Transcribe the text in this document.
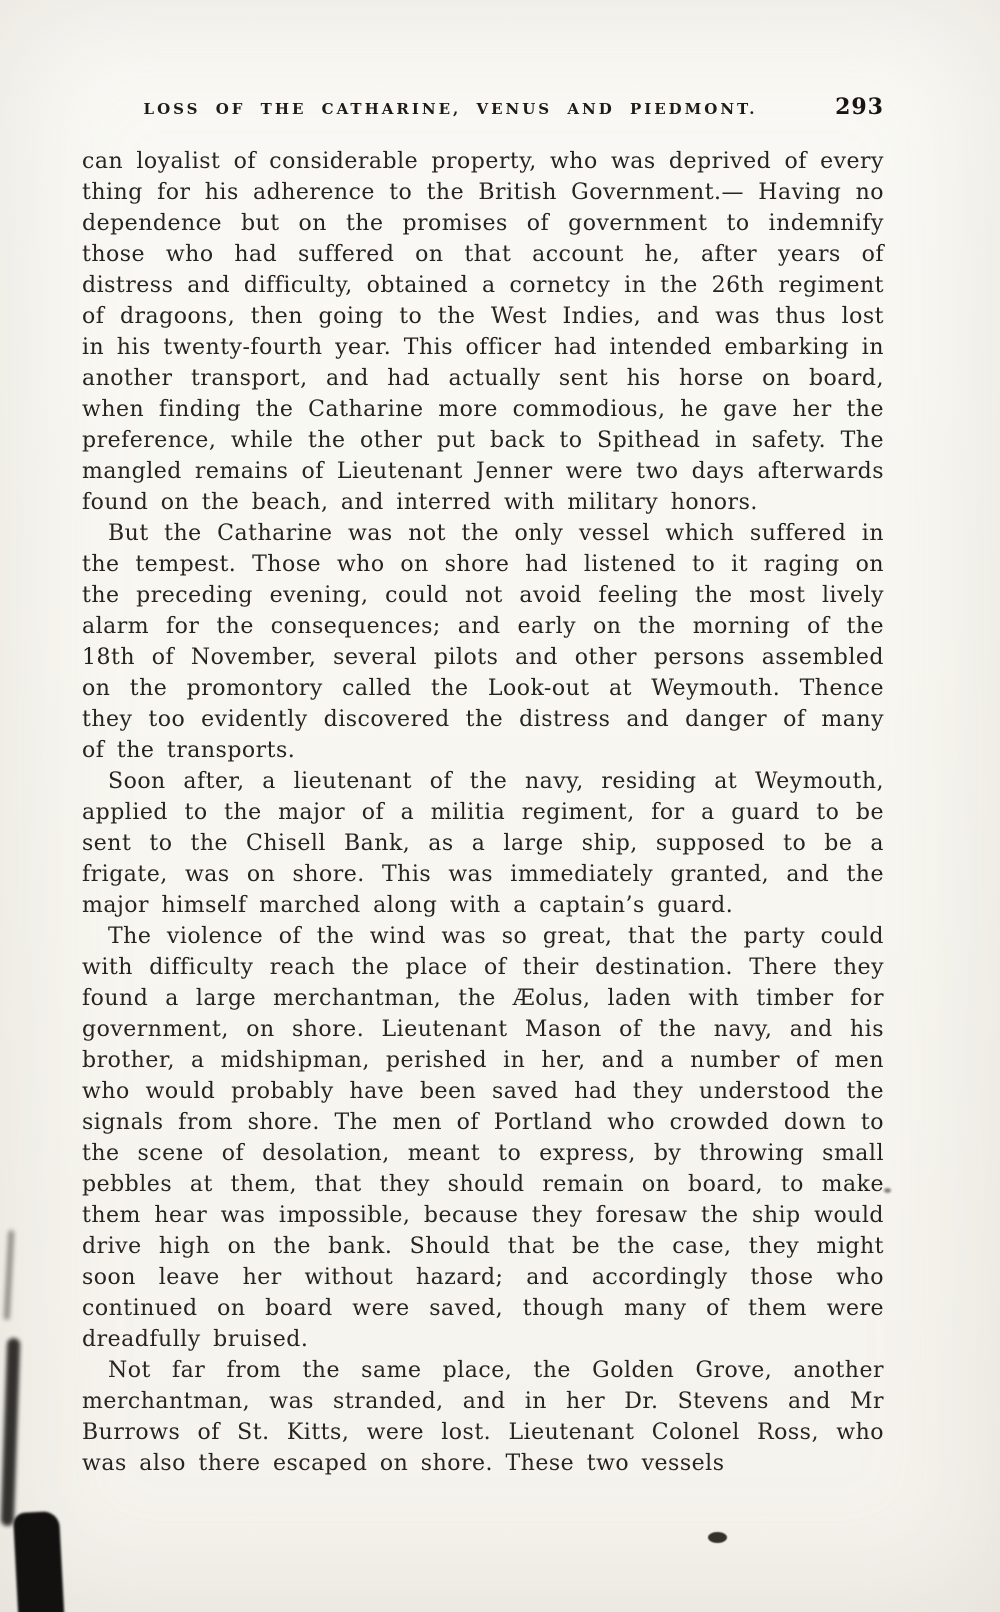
LOSS OF THE CATHARINE, VENUS AND PIEDMONT.	293

can loyalist of considerable property, who was deprived of every thing for his adherence to the British Government.— Having no dependence but on the promises of government to indemnify those who had suffered on that account he, after years of distress and difficulty, obtained a cornetcy in the 26th regiment of dragoons, then going to the West Indies, and was thus lost in his twenty-fourth year. This officer had intended embarking in another transport, and had actually sent his horse on board, when finding the Catharine more commodious, he gave her the preference, while the other put back to Spithead in safety. The mangled remains of Lieutenant Jenner were two days afterwards found on the beach, and interred with military honors.

But the Catharine was not the only vessel which suffered in the tempest. Those who on shore had listened to it raging on the preceding evening, could not avoid feeling the most lively alarm for the consequences; and early on the morning of the 18th of November, several pilots and other persons assembled on the promontory called the Look-out at Weymouth. Thence they too evidently discovered the distress and danger of many of the transports.

Soon after, a lieutenant of the navy, residing at Weymouth, applied to the major of a militia regiment, for a guard to be sent to the Chisell Bank, as a large ship, supposed to be a frigate, was on shore. This was immediately granted, and the major himself marched along with a captain’s guard.

The violence of the wind was so great, that the party could with difficulty reach the place of their destination. There they found a large merchantman, the Æolus, laden with timber for government, on shore. Lieutenant Mason of the navy, and his brother, a midshipman, perished in her, and a number of men who would probably have been saved had they understood the signals from shore. The men of Portland who crowded down to the scene of desolation, meant to express, by throwing small pebbles at them, that they should remain on board, to make them hear was impossible, because they foresaw the ship would drive high on the bank. Should that be the case, they might soon leave her without hazard; and accordingly those who continued on board were saved, though many of them were dreadfully bruised.

Not far from the same place, the Golden Grove, another merchantman, was stranded, and in her Dr. Stevens and Mr Burrows of St. Kitts, were lost. Lieutenant Colonel Ross, who was also there escaped on shore. These two vessels
